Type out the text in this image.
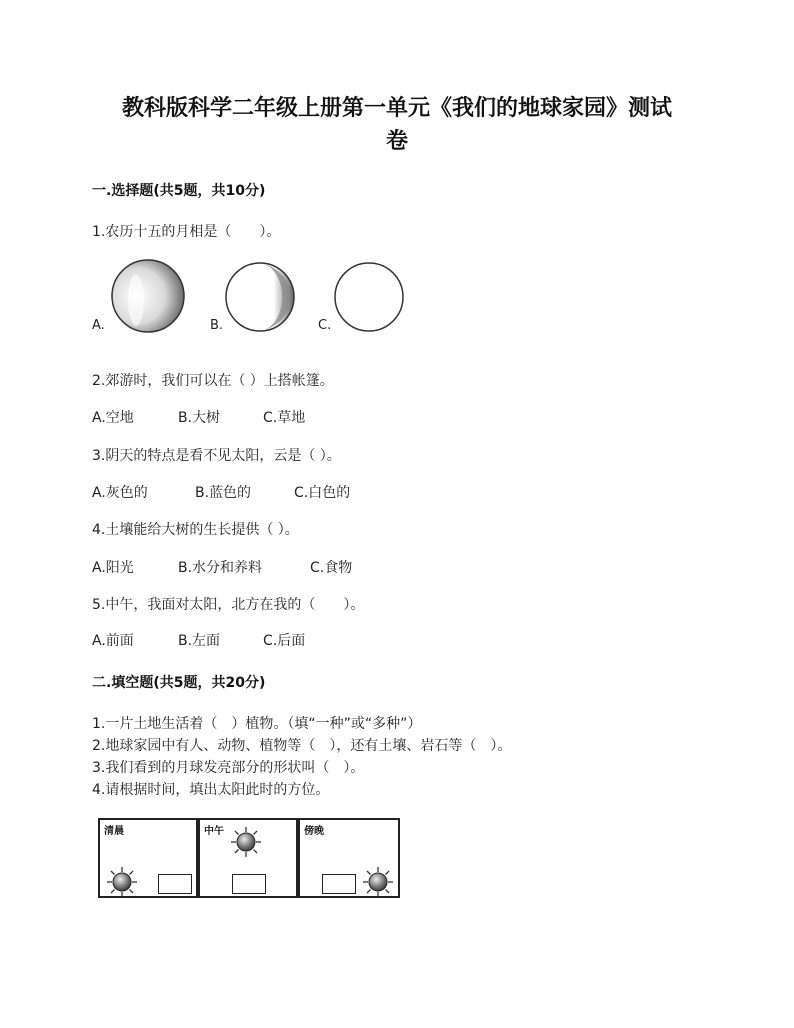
教科版科学二年级上册第一单元《我们的地球家园》测试
卷
一.选择题(共5题，共10分)
1.农历十五的月相是（　　）。
A.	B.	C.
2.郊游时，我们可以在（ ）上搭帐篷。
A.空地	B.大树	C.草地
3.阴天的特点是看不见太阳，云是（ ）。
A.灰色的	B.蓝色的	C.白色的
4.土壤能给大树的生长提供（ ）。
A.阳光	B.水分和养料	C.食物
5.中午，我面对太阳，北方在我的（　　）。
A.前面	B.左面	C.后面
二.填空题(共5题，共20分)
1.一片土地生活着（　）植物。（填“一种”或“多种”）
2.地球家园中有人、动物、植物等（　），还有土壤、岩石等（　）。
3.我们看到的月球发亮部分的形状叫（　）。
4.请根据时间，填出太阳此时的方位。
清晨	中午	傍晚
